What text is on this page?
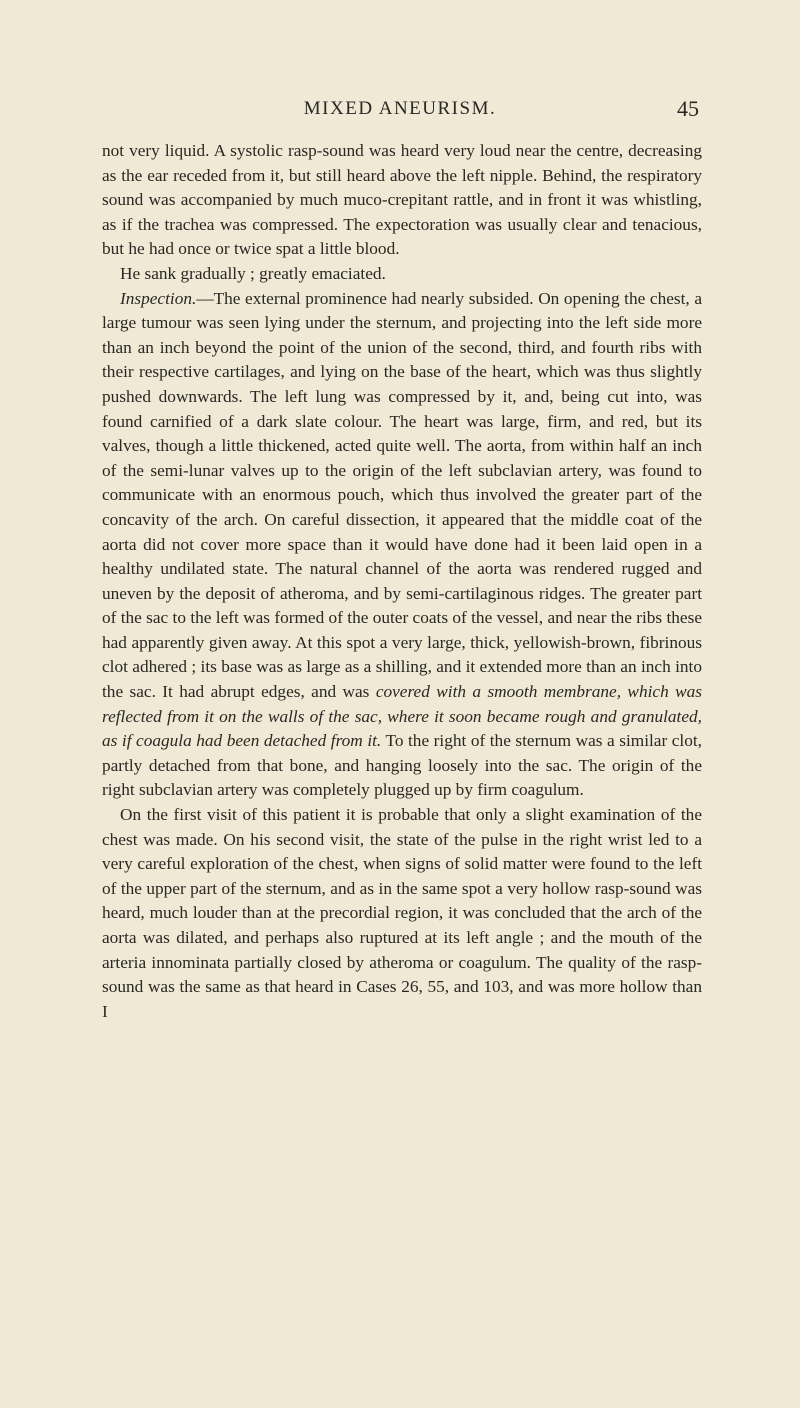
MIXED ANEURISM.	45

not very liquid. A systolic rasp-sound was heard very loud near the centre, decreasing as the ear receded from it, but still heard above the left nipple. Behind, the respiratory sound was accompanied by much muco-crepitant rattle, and in front it was whistling, as if the trachea was compressed. The expectoration was usually clear and tenacious, but he had once or twice spat a little blood.

He sank gradually ; greatly emaciated.

Inspection.—The external prominence had nearly subsided. On opening the chest, a large tumour was seen lying under the sternum, and projecting into the left side more than an inch beyond the point of the union of the second, third, and fourth ribs with their respective cartilages, and lying on the base of the heart, which was thus slightly pushed downwards. The left lung was compressed by it, and, being cut into, was found carnified of a dark slate colour. The heart was large, firm, and red, but its valves, though a little thickened, acted quite well. The aorta, from within half an inch of the semi-lunar valves up to the origin of the left subclavian artery, was found to communicate with an enormous pouch, which thus involved the greater part of the concavity of the arch. On careful dissection, it appeared that the middle coat of the aorta did not cover more space than it would have done had it been laid open in a healthy undilated state. The natural channel of the aorta was rendered rugged and uneven by the deposit of atheroma, and by semi-cartilaginous ridges. The greater part of the sac to the left was formed of the outer coats of the vessel, and near the ribs these had apparently given away. At this spot a very large, thick, yellowish-brown, fibrinous clot adhered ; its base was as large as a shilling, and it extended more than an inch into the sac. It had abrupt edges, and was covered with a smooth membrane, which was reflected from it on the walls of the sac, where it soon became rough and granulated, as if coagula had been detached from it. To the right of the sternum was a similar clot, partly detached from that bone, and hanging loosely into the sac. The origin of the right subclavian artery was completely plugged up by firm coagulum.

On the first visit of this patient it is probable that only a slight examination of the chest was made. On his second visit, the state of the pulse in the right wrist led to a very careful exploration of the chest, when signs of solid matter were found to the left of the upper part of the sternum, and as in the same spot a very hollow rasp-sound was heard, much louder than at the precordial region, it was concluded that the arch of the aorta was dilated, and perhaps also ruptured at its left angle ; and the mouth of the arteria innominata partially closed by atheroma or coagulum. The quality of the rasp-sound was the same as that heard in Cases 26, 55, and 103, and was more hollow than I
